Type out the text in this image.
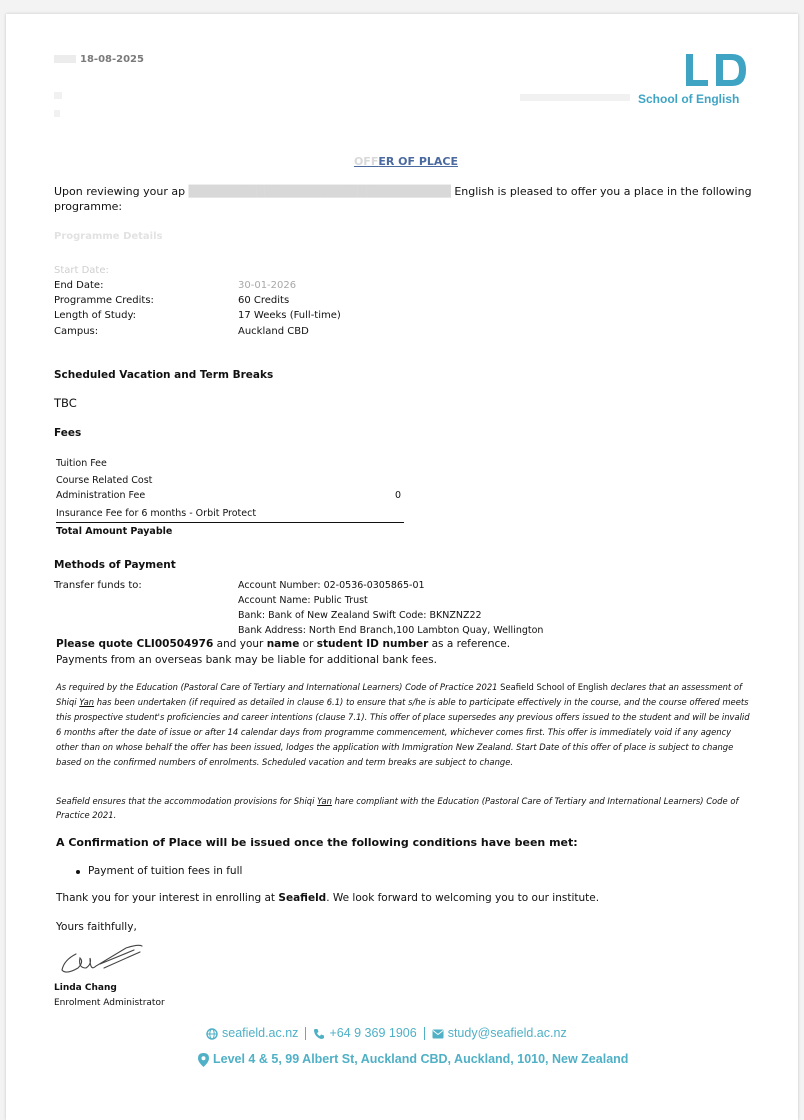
18-08-2025
School of English
OFFER OF PLACE
Upon reviewing your ap ███████████████████████████████ English is pleased to offer you a place in the following
programme:
Programme Details
Start Date:
End Date:	30-01-2026
Programme Credits:	60 Credits
Length of Study:	17 Weeks (Full-time)
Campus:	Auckland CBD
Scheduled Vacation and Term Breaks
TBC
Fees
Tuition Fee
Course Related Cost
Administration Fee	0
Insurance Fee for 6 months - Orbit Protect
Total Amount Payable
Methods of Payment
Transfer funds to:	Account Number: 02-0536-0305865-01
Account Name: Public Trust
Bank: Bank of New Zealand Swift Code: BKNZNZ22
Bank Address: North End Branch,100 Lambton Quay, Wellington
Please quote CLI00504976 and your name or student ID number as a reference.
Payments from an overseas bank may be liable for additional bank fees.
As required by the Education (Pastoral Care of Tertiary and International Learners) Code of Practice 2021 Seafield School of English declares that an assessment of Shiqi Yan has been undertaken (if required as detailed in clause 6.1) to ensure that s/he is able to participate effectively in the course, and the course offered meets this prospective student's proficiencies and career intentions (clause 7.1). This offer of place supersedes any previous offers issued to the student and will be invalid 6 months after the date of issue or after 14 calendar days from programme commencement, whichever comes first. This offer is immediately void if any agency other than on whose behalf the offer has been issued, lodges the application with Immigration New Zealand. Start Date of this offer of place is subject to change based on the confirmed numbers of enrolments. Scheduled vacation and term breaks are subject to change.
Seafield ensures that the accommodation provisions for Shiqi Yan hare compliant with the Education (Pastoral Care of Tertiary and International Learners) Code of Practice 2021.
A Confirmation of Place will be issued once the following conditions have been met:
Payment of tuition fees in full
Thank you for your interest in enrolling at Seafield. We look forward to welcoming you to our institute.
Yours faithfully,
Linda Chang
Enrolment Administrator
seafield.ac.nz +64 9 369 1906 study@seafield.ac.nz
Level 4 & 5, 99 Albert St, Auckland CBD, Auckland, 1010, New Zealand
